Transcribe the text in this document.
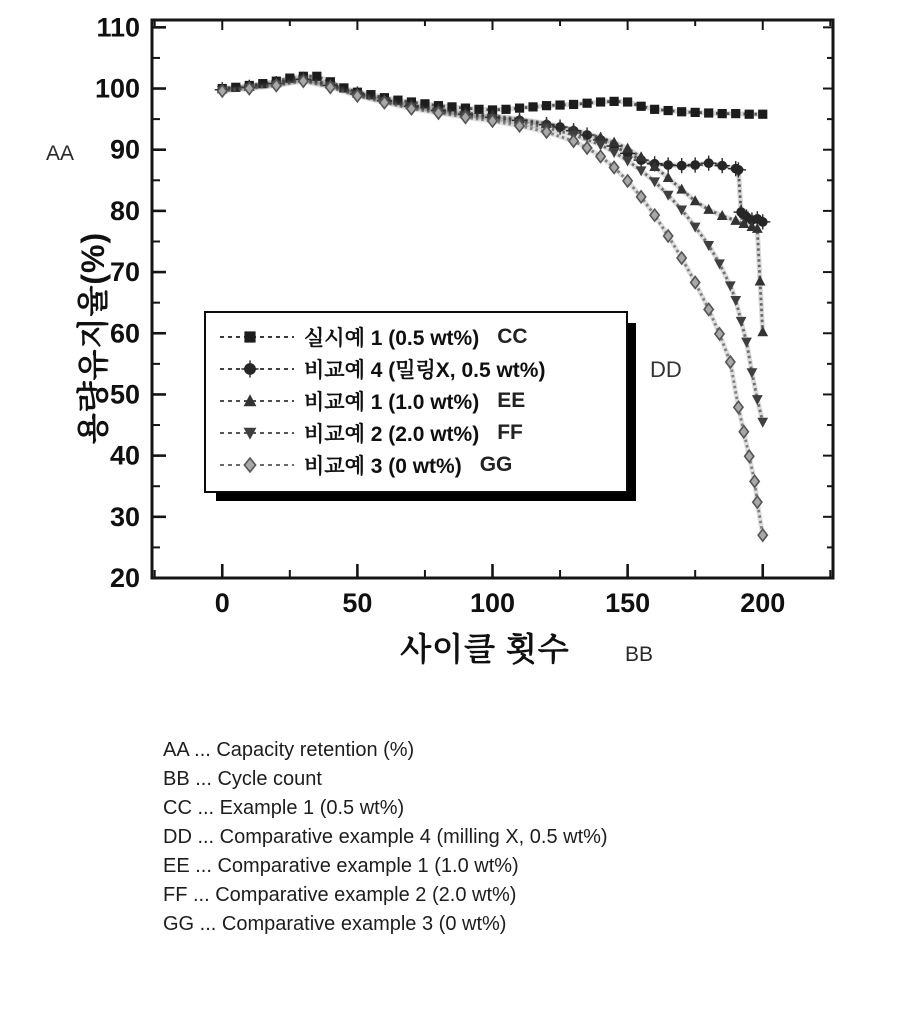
0	50	100	150	200
20
30
40
50
60
70
80
90
100
110
AA
용량유지율(%)
사이클 횟수	BB
실시예 1 (0.5 wt%) CC
비교예 4 (밀링X, 0.5 wt%)
비교예 1 (1.0 wt%) EE
비교예 2 (2.0 wt%) FF
비교예 3 (0 wt%) GG
DD
AA ... Capacity retention (%)
BB ... Cycle count
CC ... Example 1 (0.5 wt%)
DD ... Comparative example 4 (milling X, 0.5 wt%)
EE ... Comparative example 1 (1.0 wt%)
FF ... Comparative example 2 (2.0 wt%)
GG ... Comparative example 3 (0 wt%)
